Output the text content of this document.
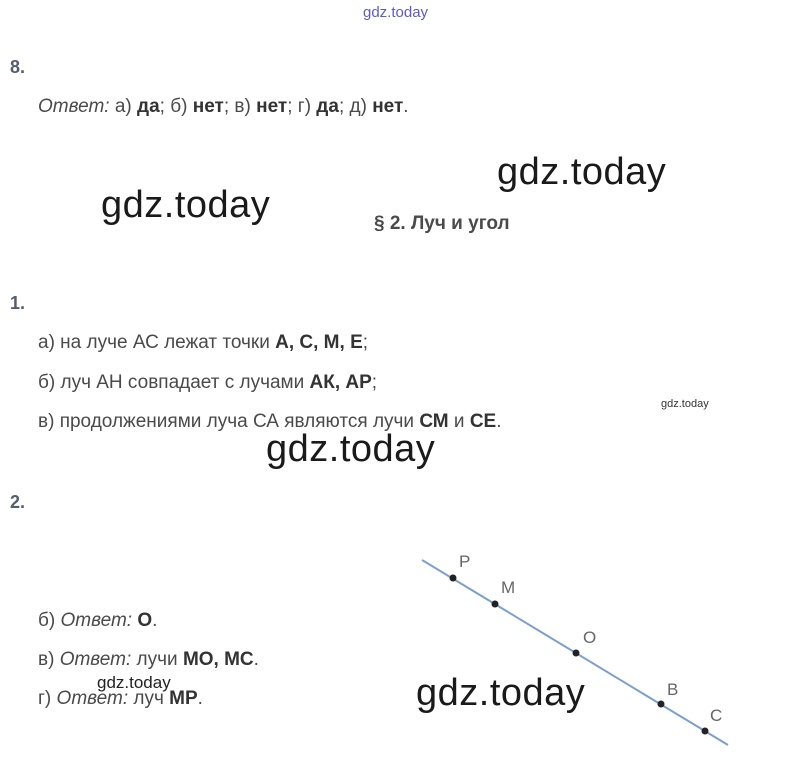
gdz.today
8.
Ответ: а) да; б) нет; в) нет; г) да; д) нет.
gdz.today
gdz.today	§ 2. Луч и угол
1.
а) на луче АС лежат точки А, С, М, Е;
б) луч АН совпадает с лучами АК, АР;
в) продолжениями луча СА являются лучи СМ и СЕ.
gdz.today
gdz.today
2.
P
M
O
B
C
б) Ответ: О.
в) Ответ: лучи МО, МС.
г) Ответ: луч МР.
gdz.today	gdz.today
